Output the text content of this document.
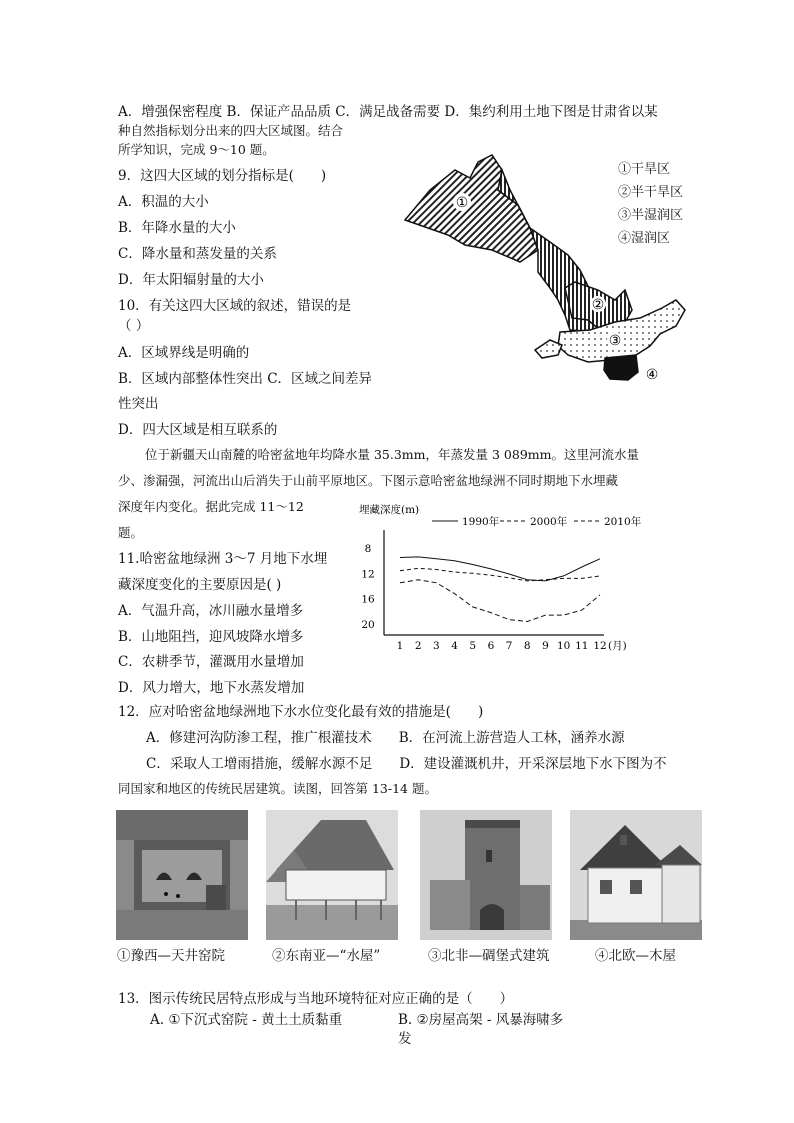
A．增强保密程度 B．保证产品品质 C．满足战备需要 D．集约利用土地下图是甘肃省以某
种自然指标划分出来的四大区域图。结合
所学知识，完成 9～10 题。
9．这四大区域的划分指标是(　　)
A．积温的大小
B．年降水量的大小
C．降水量和蒸发量的关系
D．年太阳辐射量的大小
10．有关这四大区域的叙述，错误的是
（ ）
A．区域界线是明确的
B．区域内部整体性突出 C．区域之间差异
性突出
D．四大区域是相互联系的
位于新疆天山南麓的哈密盆地年均降水量 35.3mm，年蒸发量 3 089mm。这里河流水量
少、渗漏强，河流出山后消失于山前平原地区。下图示意哈密盆地绿洲不同时期地下水埋藏
深度年内变化。据此完成 11～12
题。
11.哈密盆地绿洲 3～7 月地下水埋
藏深度变化的主要原因是( )
A．气温升高，冰川融水量增多
B．山地阻挡，迎风坡降水增多
C．农耕季节，灌溉用水量增加
D．风力增大，地下水蒸发增加
12．应对哈密盆地绿洲地下水水位变化最有效的措施是(　　)
A．修建河沟防渗工程，推广根灌技术　　B．在河流上游营造人工林，涵养水源
C．采取人工增雨措施，缓解水源不足　　D．建设灌溉机井，开采深层地下水下图为不
同国家和地区的传统民居建筑。读图，回答第 13-14 题。
13．图示传统民居特点形成与当地环境特征对应正确的是（　　）
A. ①下沉式窑院 - 黄土土质黏重	B. ②房屋高架 - 风暴海啸多
发
①
②
③
④
①干旱区
②半干旱区
③半湿润区
④湿润区
埋藏深度(m)
1990年	2000年	2010年
8
12
16
20
1 2 3 4 5 6 7 8 9 10 11 12 (月)
①豫西—天井窑院	②东南亚—“水屋”	③北非—碉堡式建筑	④北欧—木屋
